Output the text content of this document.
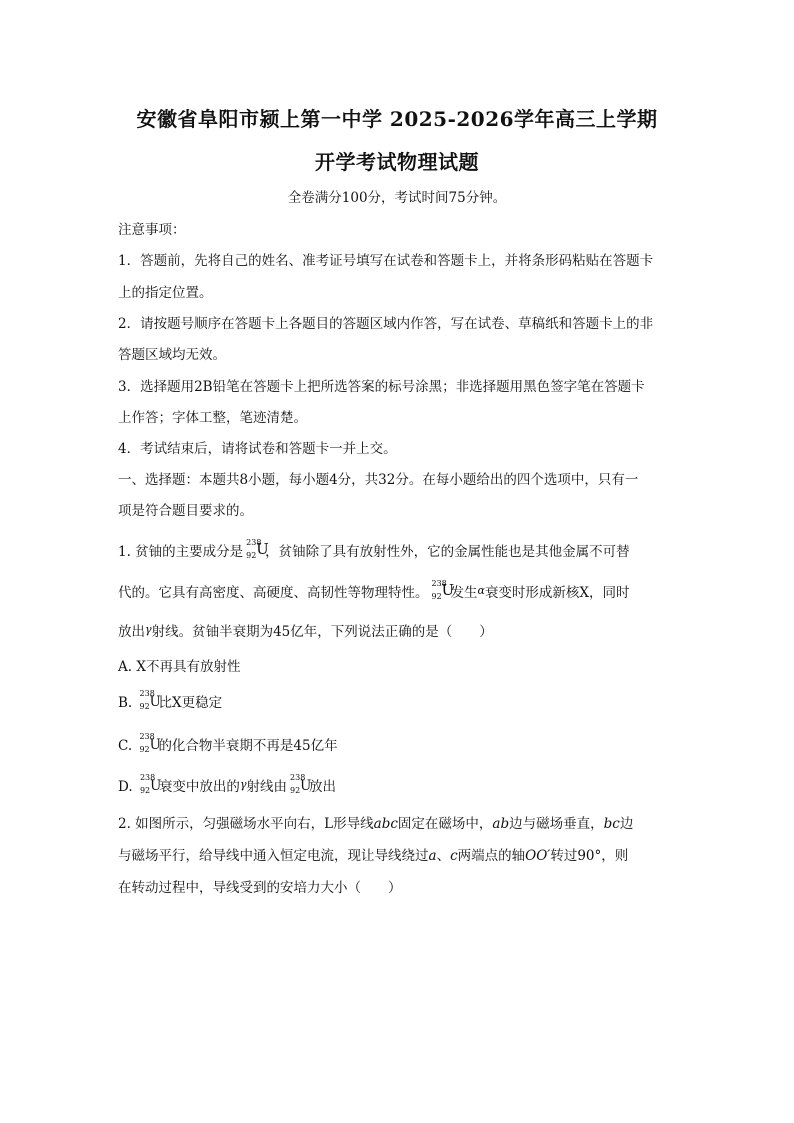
安徽省阜阳市颍上第一中学 2025-2026学年高三上学期
开学考试物理试题
全卷满分100分，考试时间75分钟。
注意事项：
1．答题前，先将自己的姓名、准考证号填写在试卷和答题卡上，并将条形码粘贴在答题卡
上的指定位置。
2．请按题号顺序在答题卡上各题目的答题区域内作答，写在试卷、草稿纸和答题卡上的非
答题区域均无效。
3．选择题用2B铅笔在答题卡上把所选答案的标号涂黑；非选择题用黑色签字笔在答题卡
上作答；字体工整，笔迹清楚。
4．考试结束后，请将试卷和答题卡一并上交。
一、选择题：本题共8小题，每小题4分，共32分。在每小题给出的四个选项中，只有一
项是符合题目要求的。
1. 贫铀的主要成分是
238
92 U
，贫铀除了具有放射性外，它的金属性能也是其他金属不可替
代的。它具有高密度、高硬度、高韧性等物理特性。
238
92 U
发生$^\alpha$衰变时形成新核X，同时
放出$^\gamma$射线。贫铀半衰期为45亿年，下列说法正确的是（　　）
A. X不再具有放射性
B.
238
92 U
比X更稳定
C.
238
92 U
的化合物半衰期不再是45亿年
D.
238
92 U
衰变中放出的$^\gamma$射线由
238
92 U
放出
2. 如图所示，匀强磁场水平向右，L形导线abc固定在磁场中，ab边与磁场垂直，bc边
与磁场平行，给导线中通入恒定电流，现让导线绕过a、c两端点的轴OO′转过90°，则
在转动过程中，导线受到的安培力大小（　　）
